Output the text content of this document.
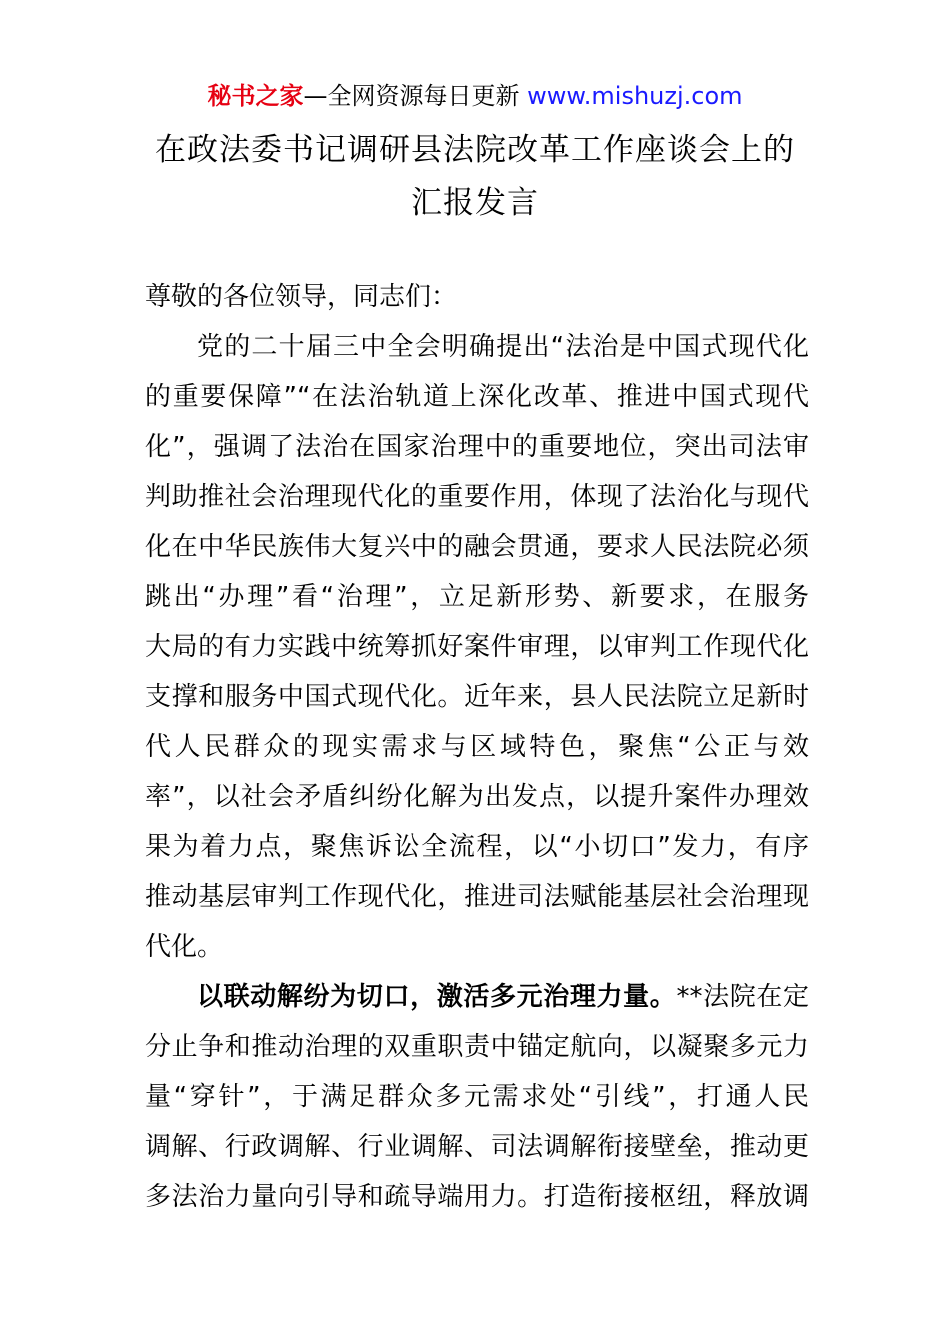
秘书之家—全网资源每日更新 www.mishuzj.com
在政法委书记调研县法院改革工作座谈会上的
汇报发言
尊敬的各位领导，同志们：
党的二十届三中全会明确提出“法治是中国式现代化
的重要保障”“在法治轨道上深化改革、推进中国式现代
化”，强调了法治在国家治理中的重要地位，突出司法审
判助推社会治理现代化的重要作用，体现了法治化与现代
化在中华民族伟大复兴中的融会贯通，要求人民法院必须
跳出“办理”看“治理”，立足新形势、新要求，在服务
大局的有力实践中统筹抓好案件审理，以审判工作现代化
支撑和服务中国式现代化。近年来，县人民法院立足新时
代人民群众的现实需求与区域特色，聚焦“公正与效
率”，以社会矛盾纠纷化解为出发点，以提升案件办理效
果为着力点，聚焦诉讼全流程，以“小切口”发力，有序
推动基层审判工作现代化，推进司法赋能基层社会治理现
代化。
以联动解纷为切口，激活多元治理力量。**法院在定
分止争和推动治理的双重职责中锚定航向，以凝聚多元力
量“穿针”，于满足群众多元需求处“引线”，打通人民
调解、行政调解、行业调解、司法调解衔接壁垒，推动更
多法治力量向引导和疏导端用力。打造衔接枢纽，释放调
